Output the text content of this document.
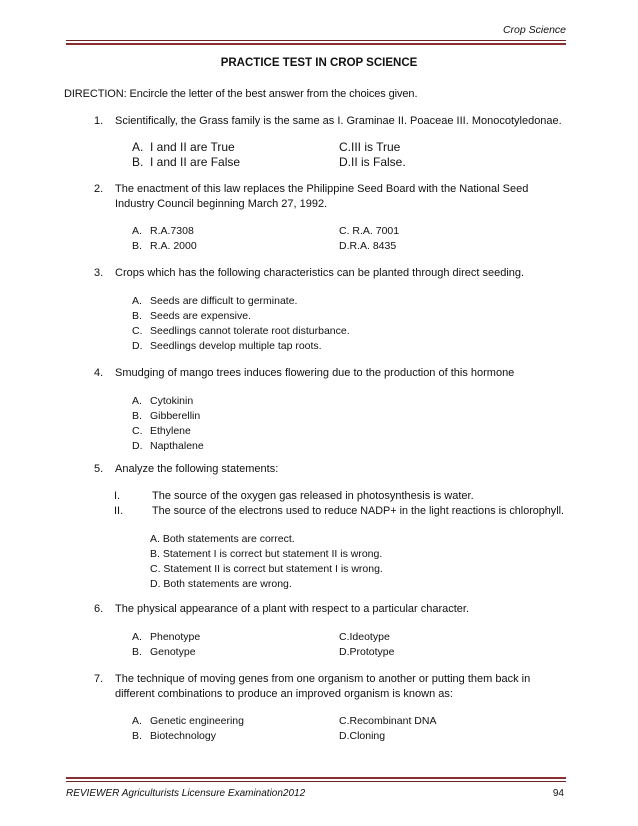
Crop Science
PRACTICE TEST IN CROP SCIENCE
DIRECTION: Encircle the letter of the best answer from the choices given.
1. Scientifically, the Grass family is the same as I. Graminae II. Poaceae III. Monocotyledonae.
A. I and II are True
B. I and II are False
C.III is True
D.II is False.
2. The enactment of this law replaces the Philippine Seed Board with the National Seed Industry Council beginning March 27, 1992.
A. R.A.7308
B. R.A. 2000
C. R.A. 7001
D.R.A. 8435
3. Crops which has the following characteristics can be planted through direct seeding.
A. Seeds are difficult to germinate.
B. Seeds are expensive.
C. Seedlings cannot tolerate root disturbance.
D. Seedlings develop multiple tap roots.
4. Smudging of mango trees induces flowering due to the production of this hormone
A. Cytokinin
B. Gibberellin
C. Ethylene
D. Napthalene
5. Analyze the following statements:
I.	The source of the oxygen gas released in photosynthesis is water.
II.	The source of the electrons used to reduce NADP+ in the light reactions is chlorophyll.
A. Both statements are correct.
B. Statement I is correct but statement II is wrong.
C. Statement II is correct but statement I is wrong.
D. Both statements are wrong.
6. The physical appearance of a plant with respect to a particular character.
A. Phenotype
B. Genotype
C.Ideotype
D.Prototype
7. The technique of moving genes from one organism to another or putting them back in different combinations to produce an improved organism is known as:
A. Genetic engineering
B. Biotechnology
C.Recombinant DNA
D.Cloning
REVIEWER Agriculturists Licensure Examination2012	94
